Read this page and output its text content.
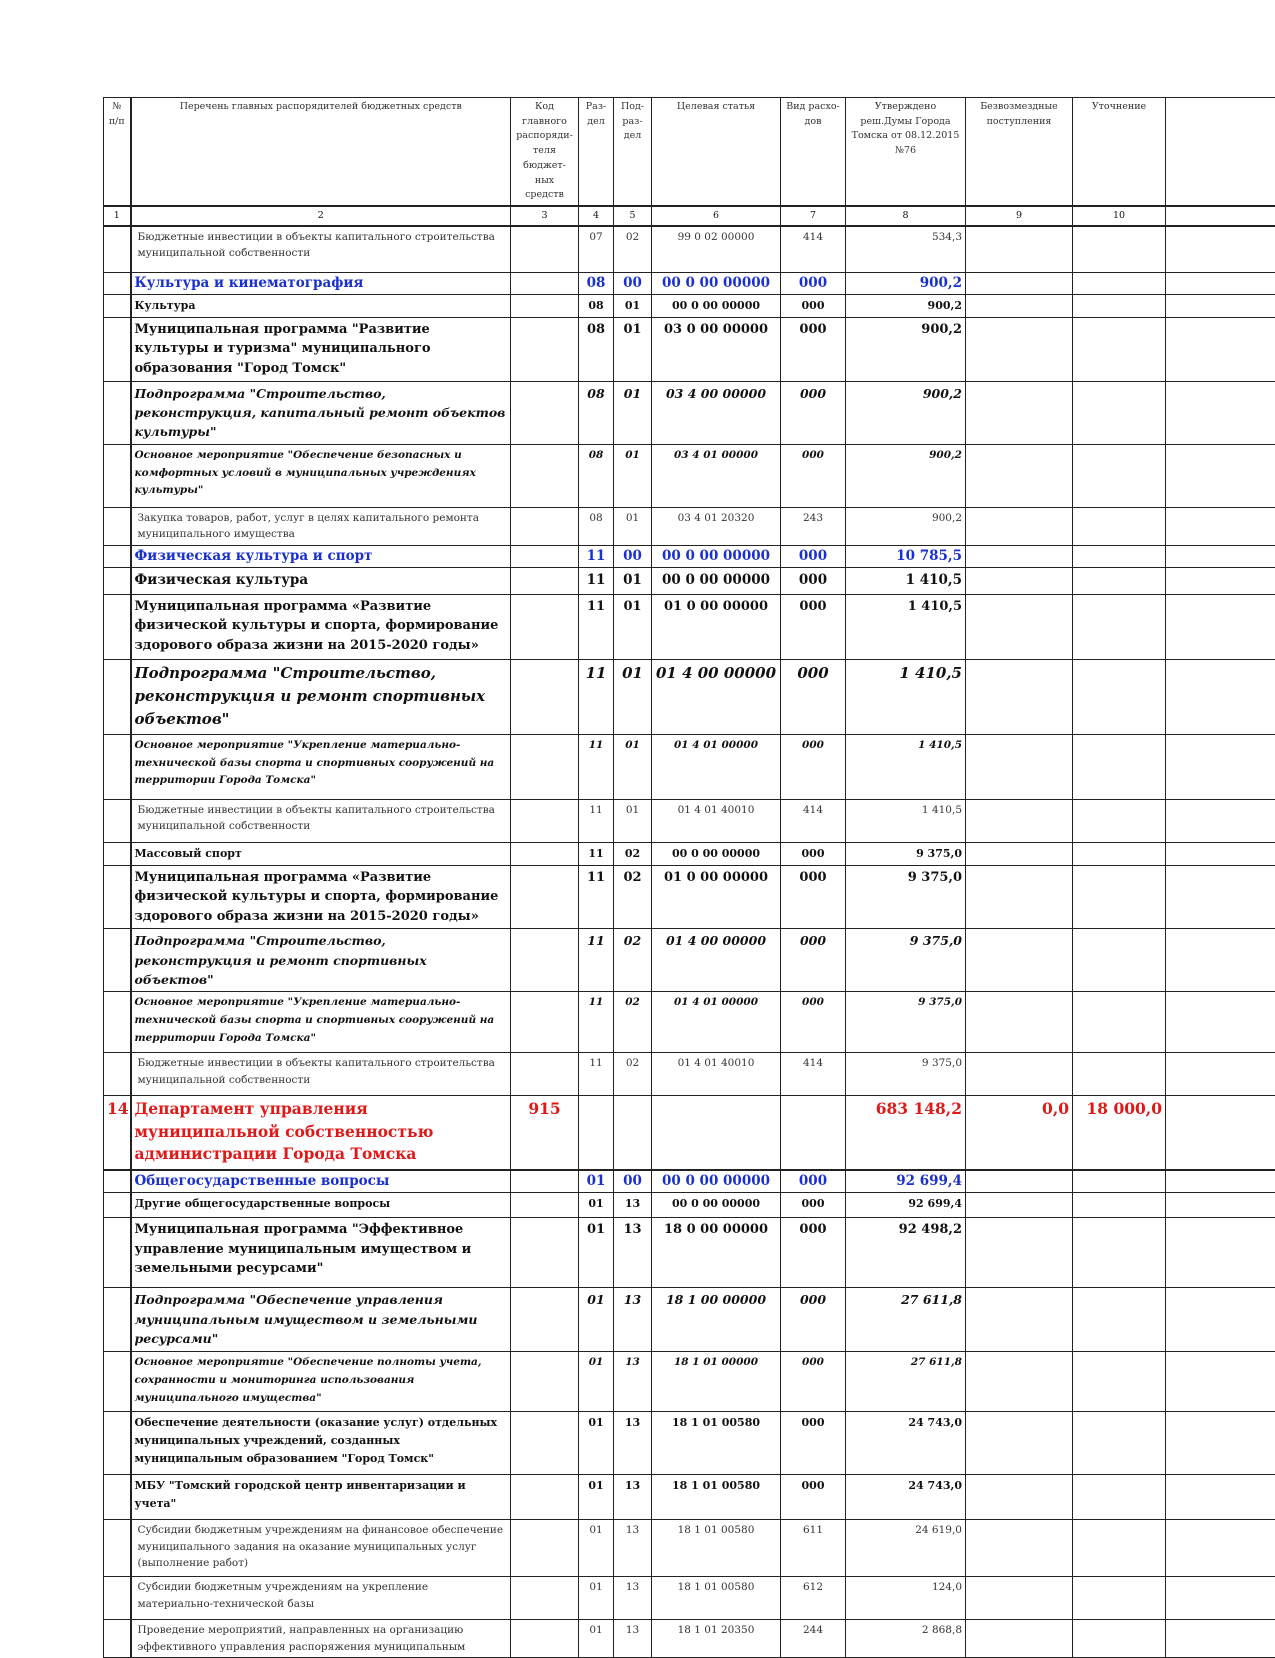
№ п/п	Перечень главных распорядителей бюджетных средств	Код главного распоряди-теля бюджет-ных средств	Раз-дел	Под-раз-дел	Целевая статья	Вид расхо-дов	Утверждено реш.Думы Города Томска от 08.12.2015 №76	Безвозмездные поступления	Уточнение	
1	2	3	4	5	6	7	8	9	10	
	Бюджетные инвестиции в объекты капитального строительства муниципальной собственности		07	02	99 0 02 00000	414	534,3			
	Культура и кинематография		08	00	00 0 00 00000	000	900,2			
	Культура		08	01	00 0 00 00000	000	900,2			
	Муниципальная программа "Развитие культуры и туризма" муниципального образования "Город Томск"		08	01	03 0 00 00000	000	900,2			
	Подпрограмма "Строительство, реконструкция, капитальный ремонт объектов культуры"		08	01	03 4 00 00000	000	900,2			
	Основное мероприятие "Обеспечение безопасных и комфортных условий в муниципальных учреждениях культуры"		08	01	03 4 01 00000	000	900,2			
	Закупка товаров, работ, услуг в целях капитального ремонта муниципального имущества		08	01	03 4 01 20320	243	900,2			
	Физическая культура и спорт		11	00	00 0 00 00000	000	10 785,5			
	Физическая культура		11	01	00 0 00 00000	000	1 410,5			
	Муниципальная программа «Развитие физической культуры и спорта, формирование здорового образа жизни на 2015-2020 годы»		11	01	01 0 00 00000	000	1 410,5			
	Подпрограмма "Строительство, реконструкция и ремонт спортивных объектов"		11	01	01 4 00 00000	000	1 410,5			
	Основное мероприятие "Укрепление материально-технической базы спорта и спортивных сооружений на территории Города Томска"		11	01	01 4 01 00000	000	1 410,5			
	Бюджетные инвестиции в объекты капитального строительства муниципальной собственности		11	01	01 4 01 40010	414	1 410,5			
	Массовый спорт		11	02	00 0 00 00000	000	9 375,0			
	Муниципальная программа «Развитие физической культуры и спорта, формирование здорового образа жизни на 2015-2020 годы»		11	02	01 0 00 00000	000	9 375,0			
	Подпрограмма "Строительство, реконструкция и ремонт спортивных объектов"		11	02	01 4 00 00000	000	9 375,0			
	Основное мероприятие "Укрепление материально-технической базы спорта и спортивных сооружений на территории Города Томска"		11	02	01 4 01 00000	000	9 375,0			
	Бюджетные инвестиции в объекты капитального строительства муниципальной собственности		11	02	01 4 01 40010	414	9 375,0			
14	Департамент управления муниципальной собственностью администрации Города Томска	915					683 148,2	0,0	18 000,0	
	Общегосударственные вопросы		01	00	00 0 00 00000	000	92 699,4			
	Другие общегосударственные вопросы		01	13	00 0 00 00000	000	92 699,4			
	Муниципальная программа "Эффективное управление муниципальным имуществом и земельными ресурсами"		01	13	18 0 00 00000	000	92 498,2			
	Подпрограмма "Обеспечение управления муниципальным имуществом и земельными ресурсами"		01	13	18 1 00 00000	000	27 611,8			
	Основное мероприятие "Обеспечение полноты учета, сохранности и мониторинга использования муниципального имущества"		01	13	18 1 01 00000	000	27 611,8			
	Обеспечение деятельности (оказание услуг) отдельных муниципальных учреждений, созданных муниципальным образованием "Город Томск"		01	13	18 1 01 00580	000	24 743,0			
	МБУ "Томский городской центр инвентаризации и учета"		01	13	18 1 01 00580	000	24 743,0			
	Субсидии бюджетным учреждениям на финансовое обеспечение муниципального задания на оказание муниципальных услуг (выполнение работ)		01	13	18 1 01 00580	611	24 619,0			
	Субсидии бюджетным учреждениям на укрепление материально-технической базы		01	13	18 1 01 00580	612	124,0			
	Проведение мероприятий, направленных на организацию эффективного управления распоряжения муниципальным		01	13	18 1 01 20350	244	2 868,8			
